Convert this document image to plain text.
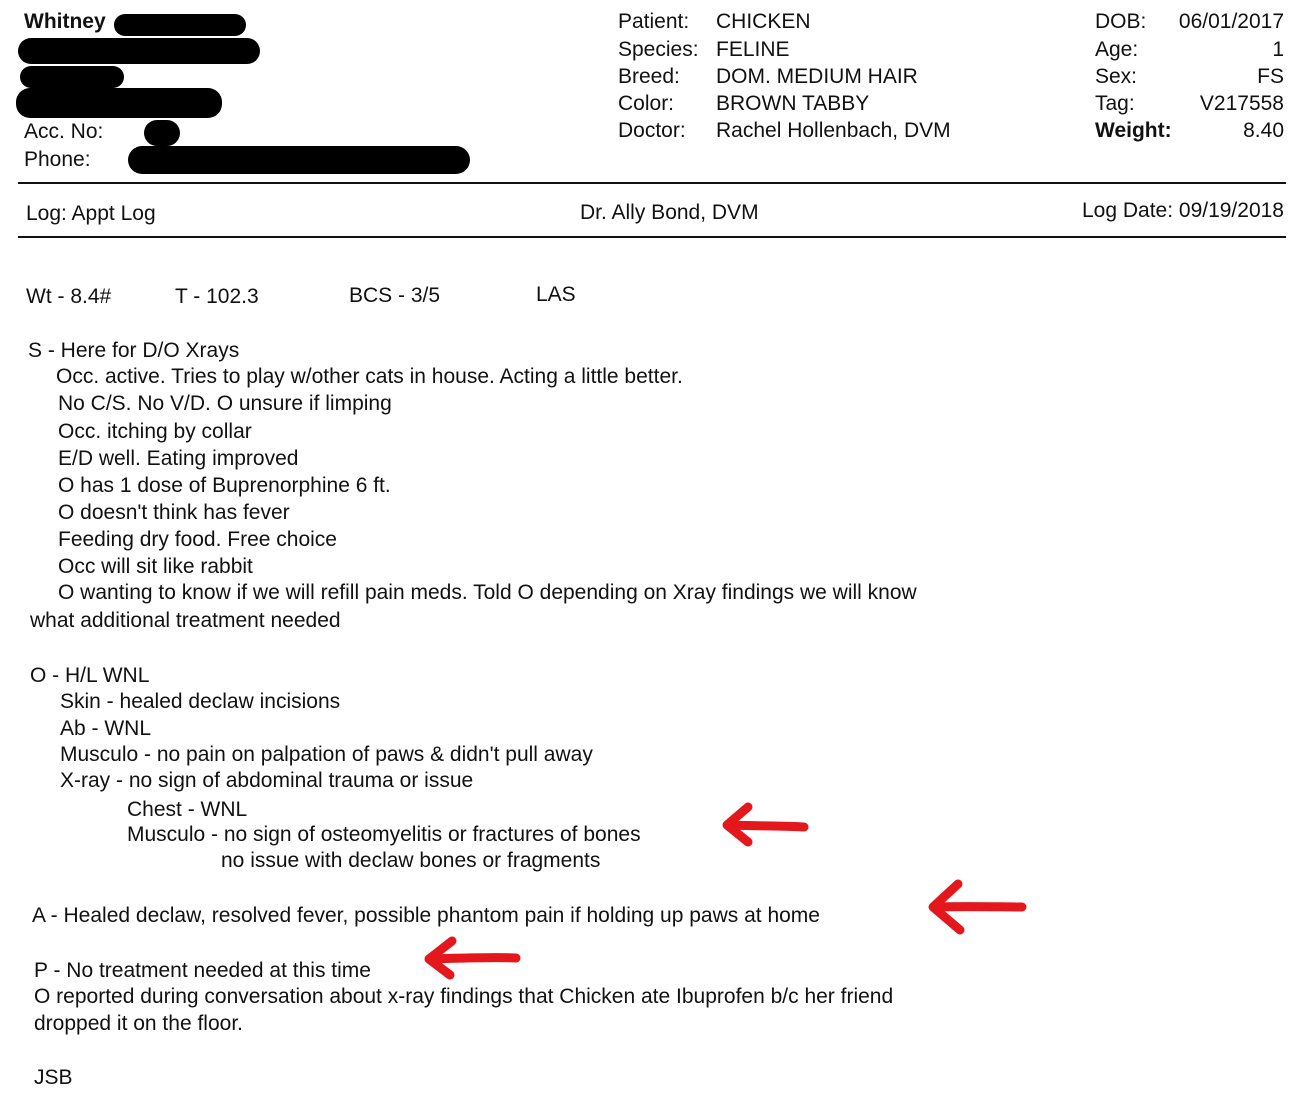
Whitney
Acc. No:
Phone:
Patient: CHICKEN
Species: FELINE
Breed: DOM. MEDIUM HAIR
Color: BROWN TABBY
Doctor: Rachel Hollenbach, DVM
DOB:	06/01/2017
Age:	1
Sex:	FS
Tag:	V217558
Weight:	8.40
Log: Appt Log	Dr. Ally Bond, DVM	Log Date: 09/19/2018
Wt - 8.4#	T - 102.3	BCS - 3/5	LAS
S - Here for D/O Xrays
Occ. active. Tries to play w/other cats in house. Acting a little better.
No C/S. No V/D. O unsure if limping
Occ. itching by collar
E/D well. Eating improved
O has 1 dose of Buprenorphine 6 ft.
O doesn't think has fever
Feeding dry food. Free choice
Occ will sit like rabbit
O wanting to know if we will refill pain meds. Told O depending on Xray findings we will know
what additional treatment needed
O - H/L WNL
Skin - healed declaw incisions
Ab - WNL
Musculo - no pain on palpation of paws & didn't pull away
X-ray - no sign of abdominal trauma or issue
Chest - WNL
Musculo - no sign of osteomyelitis or fractures of bones
no issue with declaw bones or fragments
A - Healed declaw, resolved fever, possible phantom pain if holding up paws at home
P - No treatment needed at this time
O reported during conversation about x-ray findings that Chicken ate Ibuprofen b/c her friend
dropped it on the floor.
JSB
